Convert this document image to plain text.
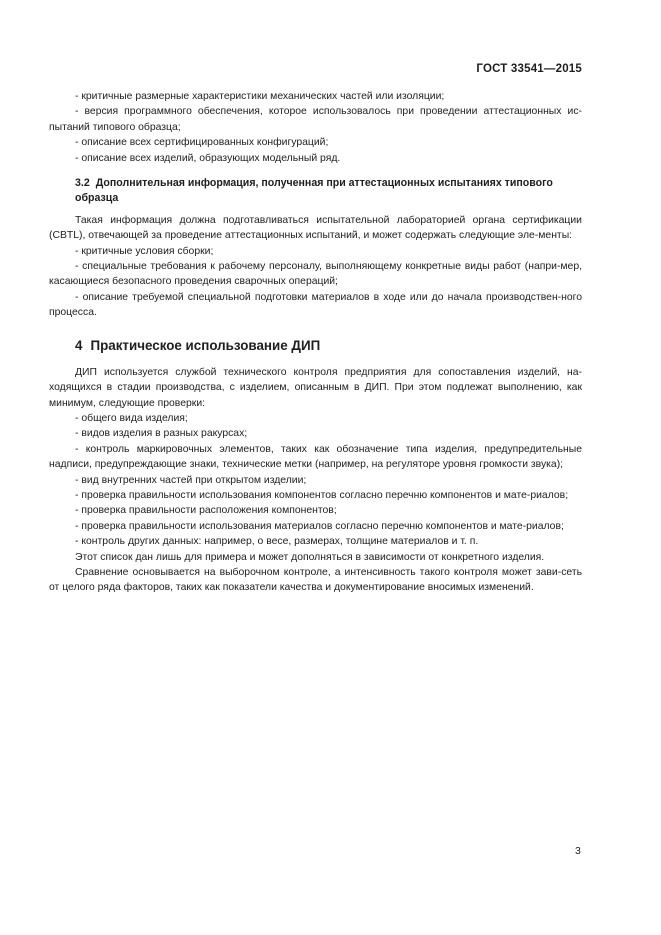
ГОСТ 33541—2015

- критичные размерные характеристики механических частей или изоляции;

- версия программного обеспечения, которое использовалось при проведении аттестационных ис-пытаний типового образца;

- описание всех сертифицированных конфигураций;

- описание всех изделий, образующих модельный ряд.

3.2 Дополнительная информация, полученная при аттестационных испытаниях типового образца

Такая информация должна подготавливаться испытательной лабораторией органа сертификации (CBTL), отвечающей за проведение аттестационных испытаний, и может содержать следующие эле-менты:

- критичные условия сборки;

- специальные требования к рабочему персоналу, выполняющему конкретные виды работ (напри-мер, касающиеся безопасного проведения сварочных операций;

- описание требуемой специальной подготовки материалов в ходе или до начала производствен-ного процесса.

4 Практическое использование ДИП

ДИП используется службой технического контроля предприятия для сопоставления изделий, на-ходящихся в стадии производства, с изделием, описанным в ДИП. При этом подлежат выполнению, как минимум, следующие проверки:

- общего вида изделия;

- видов изделия в разных ракурсах;

- контроль маркировочных элементов, таких как обозначение типа изделия, предупредительные надписи, предупреждающие знаки, технические метки (например, на регуляторе уровня громкости звука);

- вид внутренних частей при открытом изделии;

- проверка правильности использования компонентов согласно перечню компонентов и мате-риалов;

- проверка правильности расположения компонентов;

- проверка правильности использования материалов согласно перечню компонентов и мате-риалов;

- контроль других данных: например, о весе, размерах, толщине материалов и т. п.

Этот список дан лишь для примера и может дополняться в зависимости от конкретного изделия.

Сравнение основывается на выборочном контроле, а интенсивность такого контроля может зави-сеть от целого ряда факторов, таких как показатели качества и документирование вносимых изменений.

3
